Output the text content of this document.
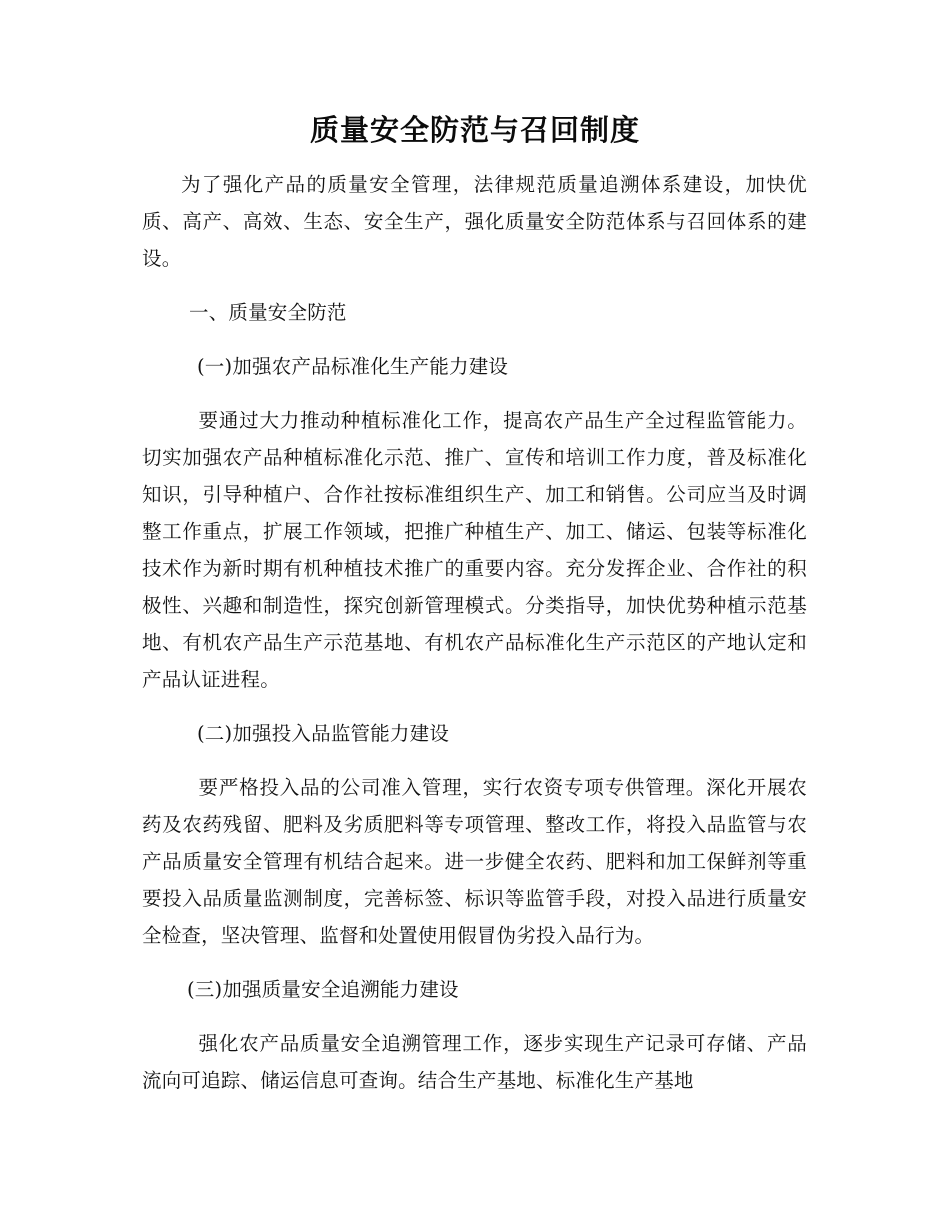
质量安全防范与召回制度

为了强化产品的质量安全管理，法律规范质量追溯体系建设，加快优质、高产、高效、生态、安全生产，强化质量安全防范体系与召回体系的建设。

一、质量安全防范

(一)加强农产品标准化生产能力建设

要通过大力推动种植标准化工作，提高农产品生产全过程监管能力。切实加强农产品种植标准化示范、推广、宣传和培训工作力度，普及标准化知识，引导种植户、合作社按标准组织生产、加工和销售。公司应当及时调整工作重点，扩展工作领域，把推广种植生产、加工、储运、包装等标准化技术作为新时期有机种植技术推广的重要内容。充分发挥企业、合作社的积极性、兴趣和制造性，探究创新管理模式。分类指导，加快优势种植示范基地、有机农产品生产示范基地、有机农产品标准化生产示范区的产地认定和产品认证进程。

(二)加强投入品监管能力建设

要严格投入品的公司准入管理，实行农资专项专供管理。深化开展农药及农药残留、肥料及劣质肥料等专项管理、整改工作，将投入品监管与农产品质量安全管理有机结合起来。进一步健全农药、肥料和加工保鲜剂等重要投入品质量监测制度，完善标签、标识等监管手段，对投入品进行质量安全检查，坚决管理、监督和处置使用假冒伪劣投入品行为。

(三)加强质量安全追溯能力建设

强化农产品质量安全追溯管理工作，逐步实现生产记录可存储、产品流向可追踪、储运信息可查询。结合生产基地、标准化生产基地
